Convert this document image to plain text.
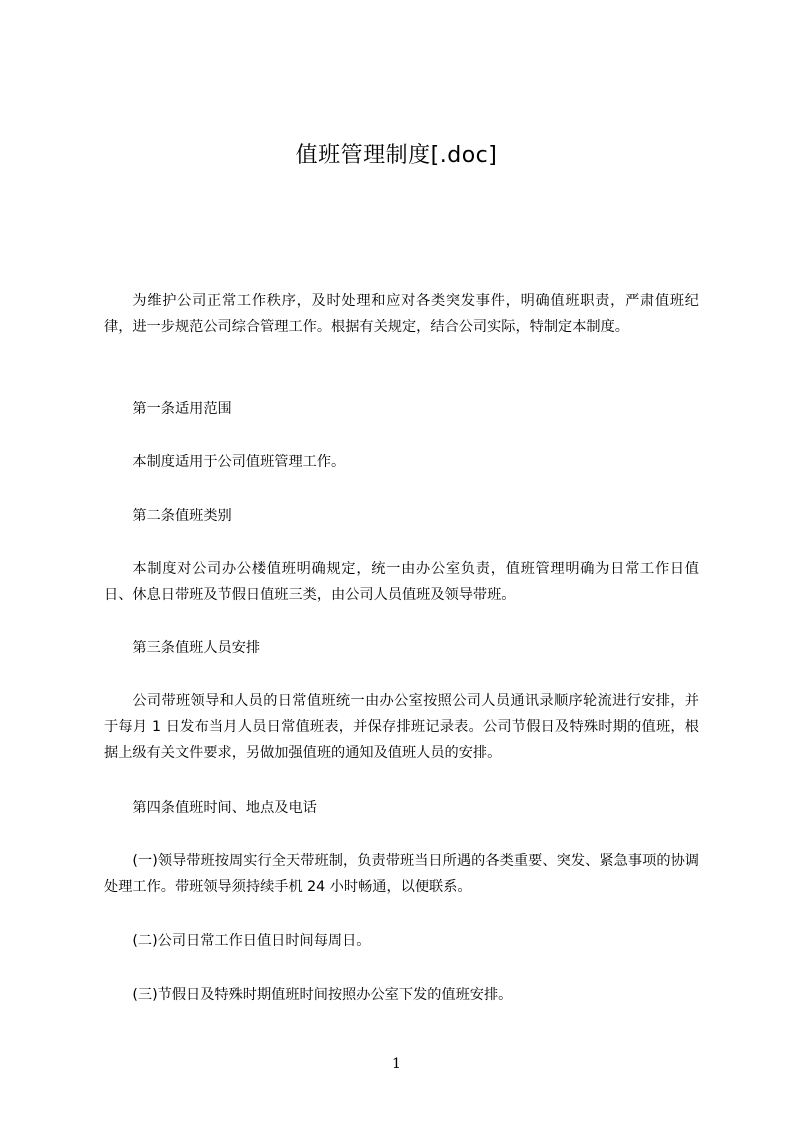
值班管理制度[.doc]

为维护公司正常工作秩序，及时处理和应对各类突发事件，明确值班职责，严肃值班纪律，进一步规范公司综合管理工作。根据有关规定，结合公司实际，特制定本制度。

第一条适用范围

本制度适用于公司值班管理工作。

第二条值班类别

本制度对公司办公楼值班明确规定，统一由办公室负责，值班管理明确为日常工作日值日、休息日带班及节假日值班三类，由公司人员值班及领导带班。

第三条值班人员安排

公司带班领导和人员的日常值班统一由办公室按照公司人员通讯录顺序轮流进行安排，并于每月 1 日发布当月人员日常值班表，并保存排班记录表。公司节假日及特殊时期的值班，根据上级有关文件要求，另做加强值班的通知及值班人员的安排。

第四条值班时间、地点及电话

(一)领导带班按周实行全天带班制，负责带班当日所遇的各类重要、突发、紧急事项的协调处理工作。带班领导须持续手机 24 小时畅通，以便联系。

(二)公司日常工作日值日时间每周日。

(三)节假日及特殊时期值班时间按照办公室下发的值班安排。

1
